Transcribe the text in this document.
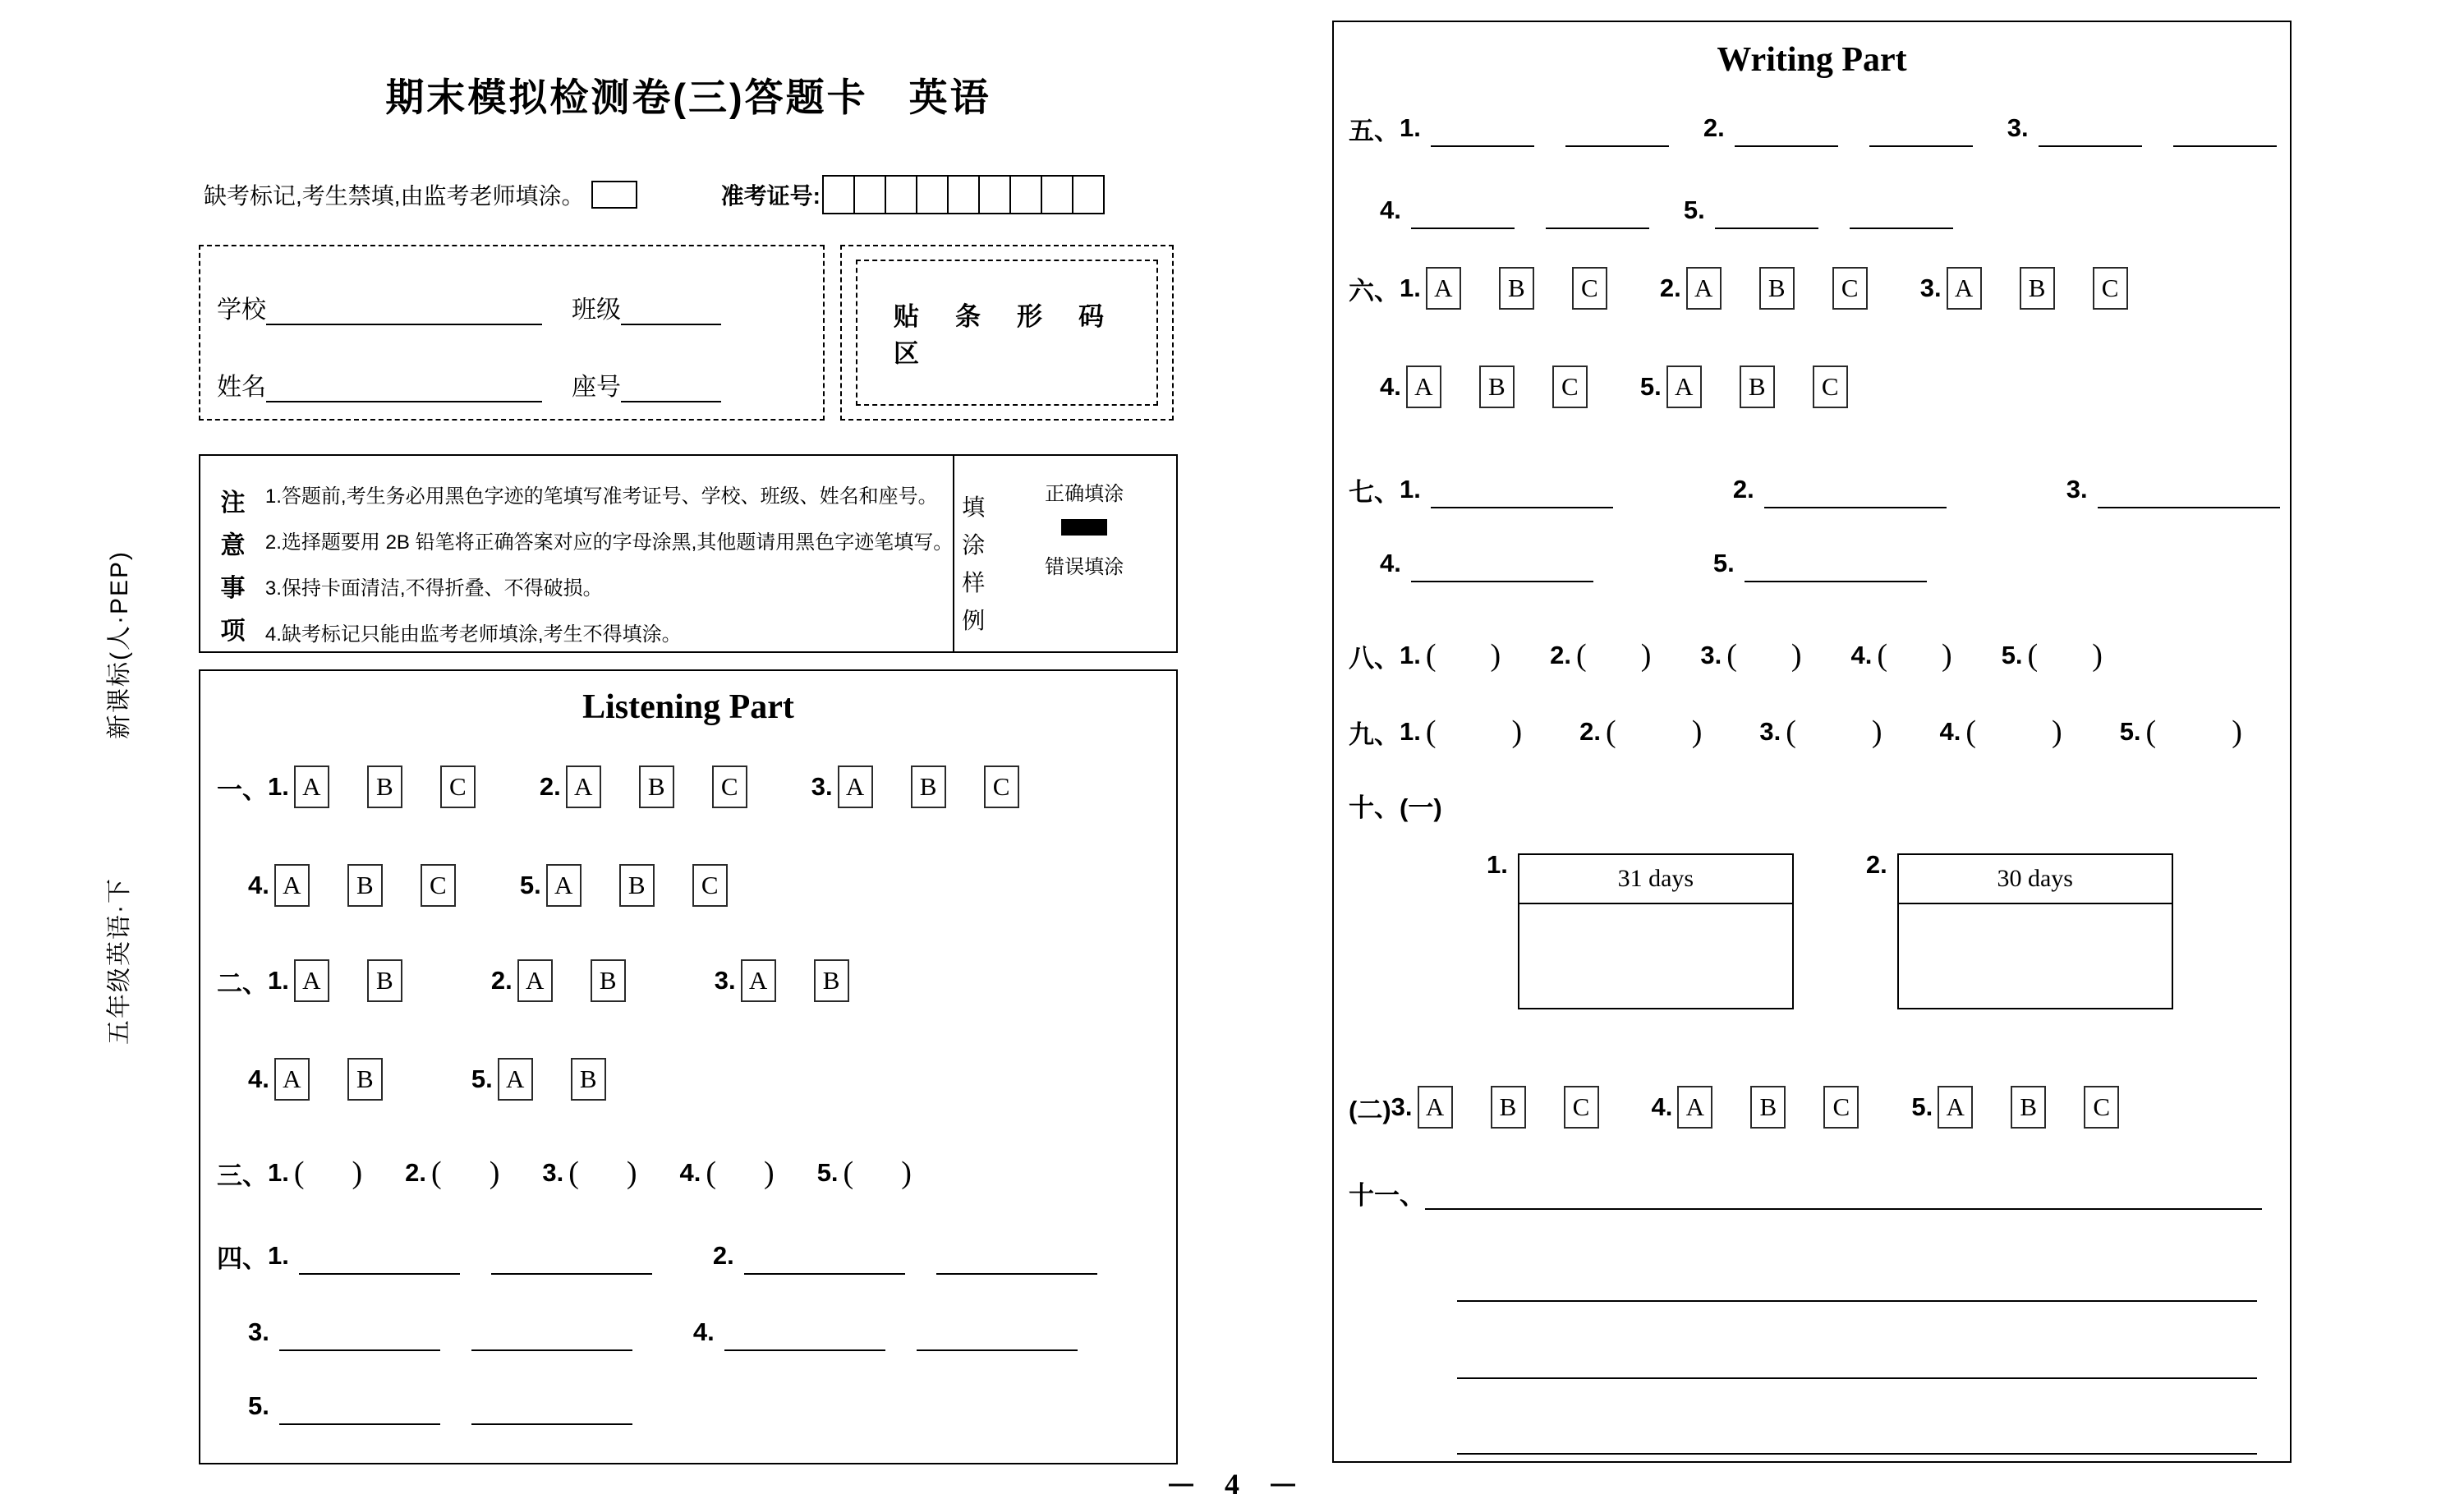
新课标(人·PEP)
五年级英语·下
期末模拟检测卷(三)答题卡　英语
缺考标记,考生禁填,由监考老师填涂。	准考证号:
学校	班级
姓名	座号
贴条形码区
注意事项
1.答题前,考生务必用黑色字迹的笔填写准考证号、学校、班级、姓名和座号。
2.选择题要用 2B 铅笔将正确答案对应的字母涂黑,其他题请用黑色字迹笔填写。
3.保持卡面清洁,不得折叠、不得破损。
4.缺考标记只能由监考老师填涂,考生不得填涂。
填涂样例
正确填涂
错误填涂
Listening Part
一、 1. A	B	C	2. A	B	C	3. A	B	C
4. A	B	C	5. A	B	C
二、 1. A	B	2. A	B	3. A	B
4. A	B	5. A	B
三、 1. ( ) 2. ( ) 3. ( ) 4. ( ) 5. ( )
四、 1.	2.
3.	4.
5.
Writing Part
五、 1.	2.	3.
4.	5.
六、 1. A	B	C	2. A	B	C	3. A	B	C
4. A	B	C	5. A	B	C
七、 1.	2.	3.
4.	5.
八、 1. ( ) 2. ( ) 3. ( ) 4. ( ) 5. ( )
九、 1. ( ) 2. ( ) 3. ( ) 4. ( ) 5. ( )
十、 (一)
1.	31 days	2.	30 days
(二) 3. A	B	C	4. A	B	C	5. A	B	C
十一、
— 4 —
